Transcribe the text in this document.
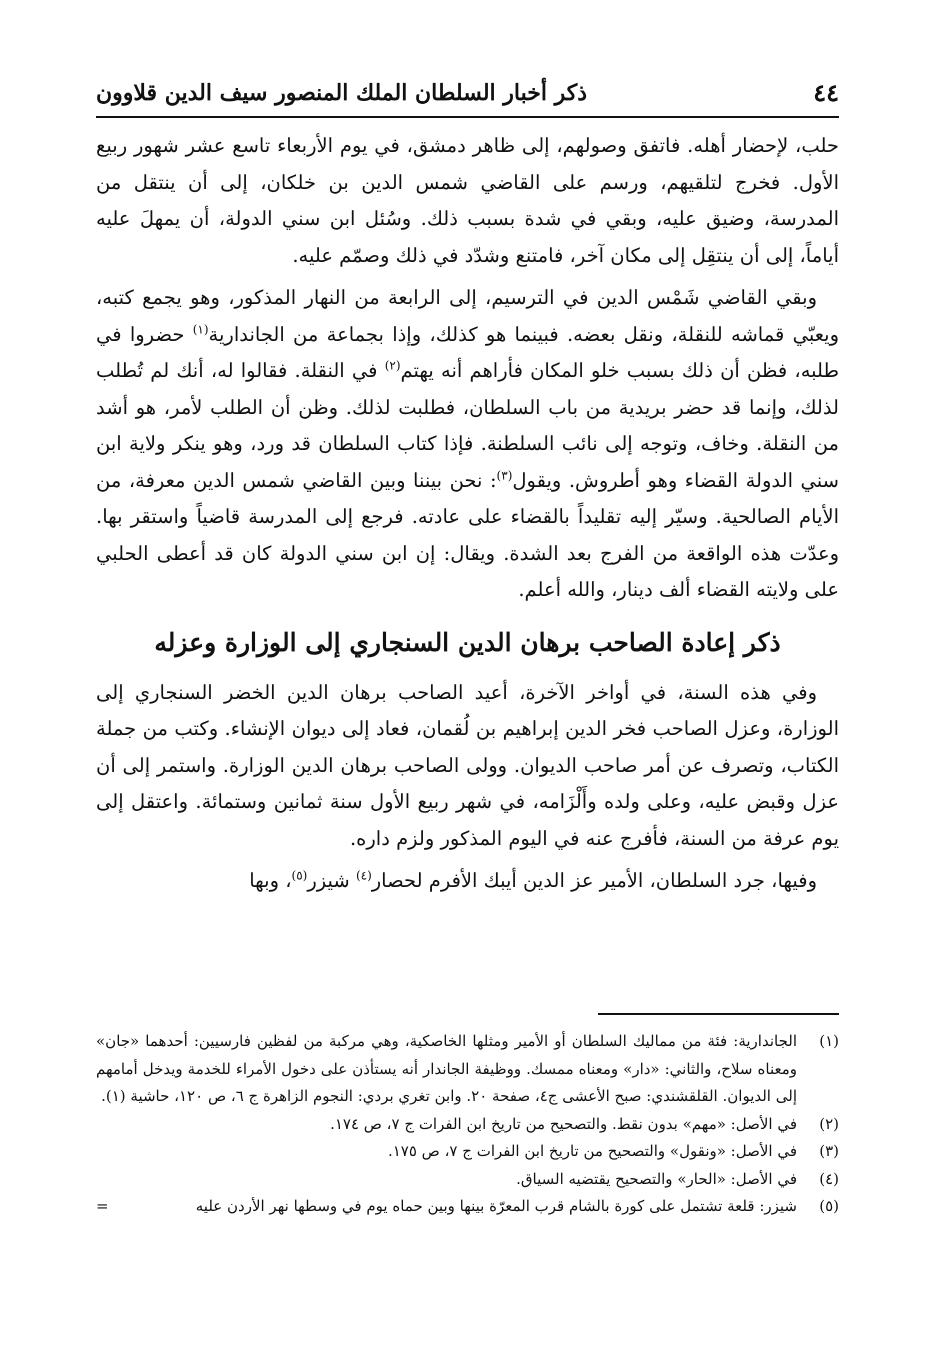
٤٤
ذكر أخبار السلطان الملك المنصور سيف الدين قلاوون

حلب، لإحضار أهله. فاتفق وصولهم، إلى ظاهر دمشق، في يوم الأربعاء تاسع عشر شهور ربيع الأول. فخرج لتلقيهم، ورسم على القاضي شمس الدين بن خلكان، إلى أن ينتقل من المدرسة، وضيق عليه، وبقي في شدة بسبب ذلك. وسُئل ابن سني الدولة، أن يمهلَ عليه أياماً، إلى أن ينتقِل إلى مكان آخر، فامتنع وشدّد في ذلك وصمّم عليه.

وبقي القاضي شَمْس الدين في الترسيم، إلى الرابعة من النهار المذكور، وهو يجمع كتبه، ويعبّي قماشه للنقلة، ونقل بعضه. فبينما هو كذلك، وإذا بجماعة من الجاندارية$^{(١)}$ حضروا في طلبه، فظن أن ذلك بسبب خلو المكان فأراهم أنه يهتم$^{(٢)}$ في النقلة. فقالوا له، أنك لم تُطلب لذلك، وإنما قد حضر بريدية من باب السلطان، فطلبت لذلك. وظن أن الطلب لأمر، هو أشد من النقلة. وخاف، وتوجه إلى نائب السلطنة. فإذا كتاب السلطان قد ورد، وهو ينكر ولاية ابن سني الدولة القضاء وهو أطروش. ويقول$^{(٣)}$: نحن بيننا وبين القاضي شمس الدين معرفة، من الأيام الصالحية. وسيّر إليه تقليداً بالقضاء على عادته. فرجع إلى المدرسة قاضياً واستقر بها. وعدّت هذه الواقعة من الفرج بعد الشدة. ويقال: إن ابن سني الدولة كان قد أعطى الحلبي على ولايته القضاء ألف دينار، والله أعلم.

ذكر إعادة الصاحب برهان الدين السنجاري إلى الوزارة وعزله

وفي هذه السنة، في أواخر الآخرة، أعيد الصاحب برهان الدين الخضر السنجاري إلى الوزارة، وعزل الصاحب فخر الدين إبراهيم بن لُقمان، فعاد إلى ديوان الإنشاء. وكتب من جملة الكتاب، وتصرف عن أمر صاحب الديوان. وولى الصاحب برهان الدين الوزارة. واستمر إلى أن عزل وقبض عليه، وعلى ولده وأَلْزَامه، في شهر ربيع الأول سنة ثمانين وستمائة. واعتقل إلى يوم عرفة من السنة، فأفرج عنه في اليوم المذكور ولزم داره.

وفيها، جرد السلطان، الأمير عز الدين أيبك الأفرم لحصار$^{(٤)}$ شيزر$^{(٥)}$، وبها

(١)
الجاندارية: فئة من مماليك السلطان أو الأمير ومثلها الخاصكية، وهي مركبة من لفظين فارسيين: أحدهما «جان» ومعناه سلاح، والثاني: «دار» ومعناه ممسك. ووظيفة الجاندار أنه يستأذن على دخول الأمراء للخدمة ويدخل أمامهم إلى الديوان. القلقشندي: صبح الأعشى ج٤، صفحة ٢٠. وابن تغري بردي: النجوم الزاهرة ج ٦، ص ١٢٠، حاشية (١).
(٢)
في الأصل: «مهم» بدون نقط. والتصحيح من تاريخ ابن الفرات ج ٧، ص ١٧٤.
(٣)
في الأصل: «ونقول» والتصحيح من تاريخ ابن الفرات ج ٧، ص ١٧٥.
(٤)
في الأصل: «الحار» والتصحيح يقتضيه السياق.
(٥)
شيزر: قلعة تشتمل على كورة بالشام قرب المعرّة بينها وبين حماه يوم في وسطها نهر الأردن عليه
=
